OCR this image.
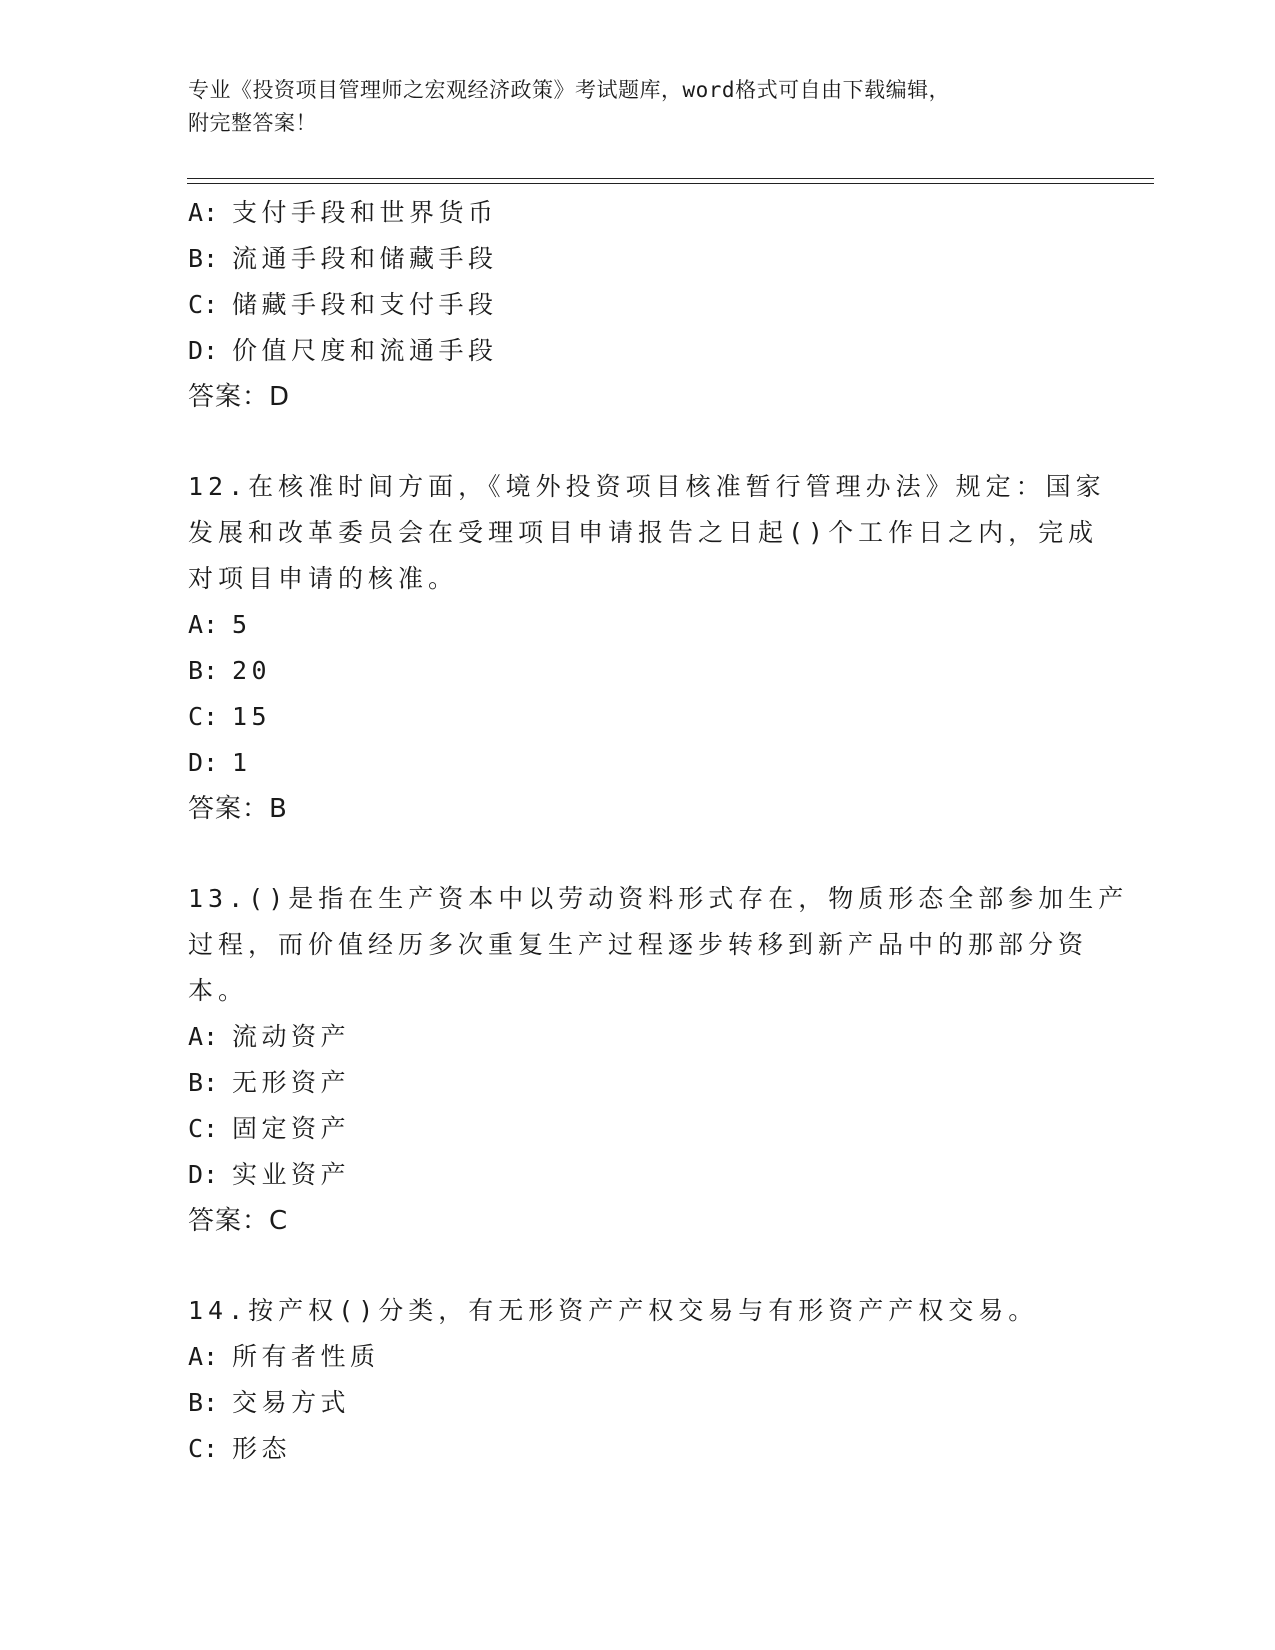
专业《投资项目管理师之宏观经济政策》考试题库，word格式可自由下载编辑，
附完整答案！
A: 支付手段和世界货币
B: 流通手段和储藏手段
C: 储藏手段和支付手段
D: 价值尺度和流通手段
答案：D
12.在核准时间方面，《境外投资项目核准暂行管理办法》规定：国家
发展和改革委员会在受理项目申请报告之日起()个工作日之内，完成
对项目申请的核准。
A: 5
B: 20
C: 15
D: 1
答案：B
13.()是指在生产资本中以劳动资料形式存在，物质形态全部参加生产
过程，而价值经历多次重复生产过程逐步转移到新产品中的那部分资
本。
A: 流动资产
B: 无形资产
C: 固定资产
D: 实业资产
答案：C
14.按产权()分类，有无形资产产权交易与有形资产产权交易。
A: 所有者性质
B: 交易方式
C: 形态
